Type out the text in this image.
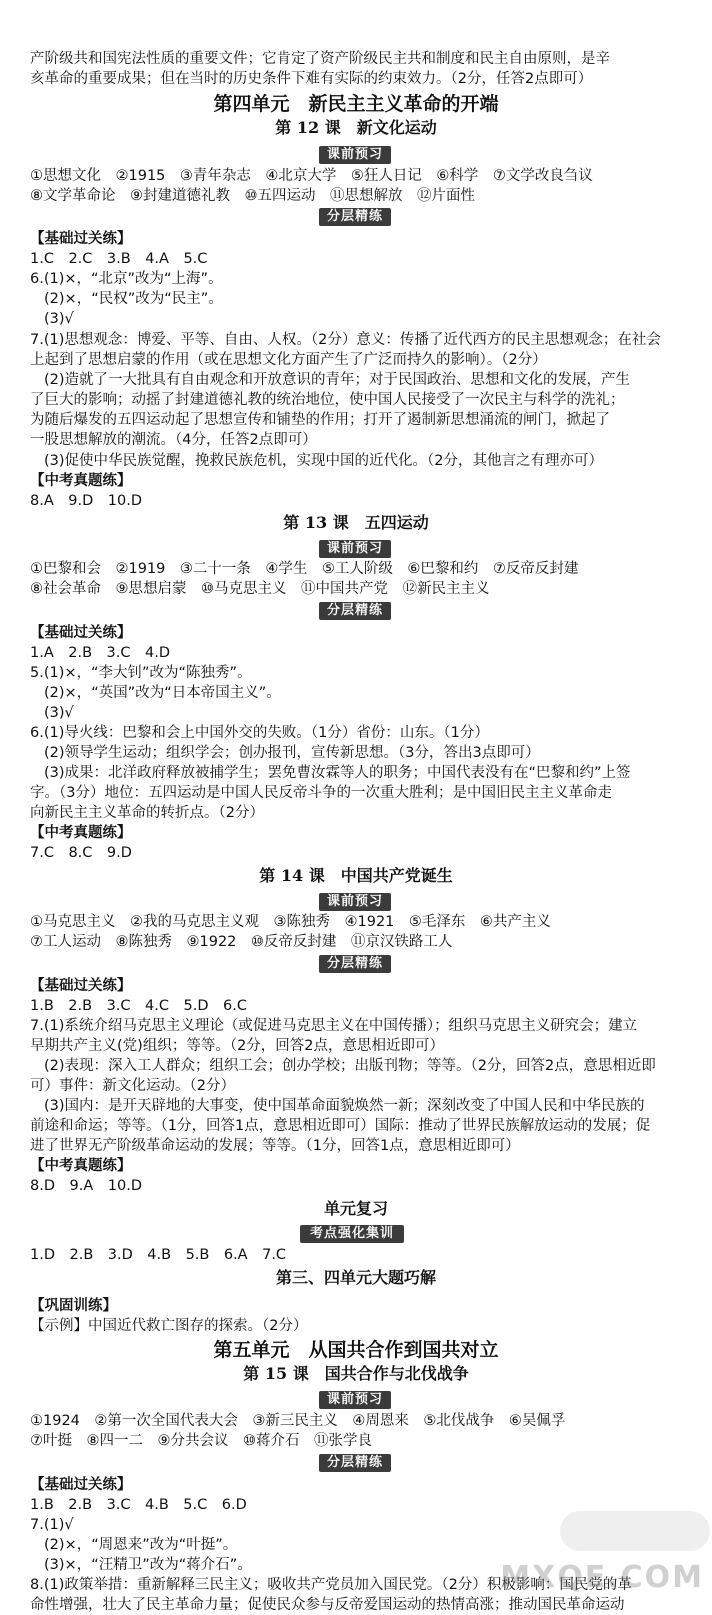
产阶级共和国宪法性质的重要文件；它肯定了资产阶级民主共和制度和民主自由原则，是辛
亥革命的重要成果；但在当时的历史条件下难有实际的约束效力。（2分，任答2点即可）
第四单元　新民主主义革命的开端
第 12 课　新文化运动
课前预习
①思想文化　②1915　③青年杂志　④北京大学　⑤狂人日记　⑥科学　⑦文学改良刍议
⑧文学革命论　⑨封建道德礼教　⑩五四运动　⑪思想解放　⑫片面性
分层精练
【基础过关练】
1.C　2.C　3.B　4.A　5.C
6.(1)×，“北京”改为“上海”。
(2)×，“民权”改为“民主”。
(3)√
7.(1)思想观念：博爱、平等、自由、人权。（2分）意义：传播了近代西方的民主思想观念；在社会
上起到了思想启蒙的作用（或在思想文化方面产生了广泛而持久的影响）。（2分）
(2)造就了一大批具有自由观念和开放意识的青年；对于民国政治、思想和文化的发展，产生
了巨大的影响；动摇了封建道德礼教的统治地位，使中国人民接受了一次民主与科学的洗礼；
为随后爆发的五四运动起了思想宣传和铺垫的作用；打开了遏制新思想涌流的闸门，掀起了
一股思想解放的潮流。（4分，任答2点即可）
(3)促使中华民族觉醒，挽救民族危机，实现中国的近代化。（2分，其他言之有理亦可）
【中考真题练】
8.A　9.D　10.D
第 13 课　五四运动
课前预习
①巴黎和会　②1919　③二十一条　④学生　⑤工人阶级　⑥巴黎和约　⑦反帝反封建
⑧社会革命　⑨思想启蒙　⑩马克思主义　⑪中国共产党　⑫新民主主义
分层精练
【基础过关练】
1.A　2.B　3.C　4.D
5.(1)×，“李大钊”改为“陈独秀”。
(2)×，“英国”改为“日本帝国主义”。
(3)√
6.(1)导火线：巴黎和会上中国外交的失败。（1分）省份：山东。（1分）
(2)领导学生运动；组织学会；创办报刊，宣传新思想。（3分，答出3点即可）
(3)成果：北洋政府释放被捕学生；罢免曹汝霖等人的职务；中国代表没有在“巴黎和约”上签
字。（3分）地位：五四运动是中国人民反帝斗争的一次重大胜利；是中国旧民主主义革命走
向新民主主义革命的转折点。（2分）
【中考真题练】
7.C　8.C　9.D
第 14 课　中国共产党诞生
课前预习
①马克思主义　②我的马克思主义观　③陈独秀　④1921　⑤毛泽东　⑥共产主义
⑦工人运动　⑧陈独秀　⑨1922　⑩反帝反封建　⑪京汉铁路工人
分层精练
【基础过关练】
1.B　2.B　3.C　4.C　5.D　6.C
7.(1)系统介绍马克思主义理论（或促进马克思主义在中国传播）；组织马克思主义研究会；建立
早期共产主义(党)组织；等等。（2分，回答2点，意思相近即可）
(2)表现：深入工人群众；组织工会；创办学校；出版刊物；等等。（2分，回答2点，意思相近即
可）事件：新文化运动。（2分）
(3)国内：是开天辟地的大事变，使中国革命面貌焕然一新；深刻改变了中国人民和中华民族的
前途和命运；等等。（1分，回答1点，意思相近即可）国际：推动了世界民族解放运动的发展；促
进了世界无产阶级革命运动的发展；等等。（1分，回答1点，意思相近即可）
【中考真题练】
8.D　9.A　10.D
单元复习
考点强化集训
1.D　2.B　3.D　4.B　5.B　6.A　7.C
第三、四单元大题巧解
【巩固训练】
【示例】中国近代救亡图存的探索。（2分）
第五单元　从国共合作到国共对立
第 15 课　国共合作与北伐战争
课前预习
①1924　②第一次全国代表大会　③新三民主义　④周恩来　⑤北伐战争　⑥吴佩孚
⑦叶挺　⑧四一二　⑨分共会议　⑩蒋介石　⑪张学良
分层精练
【基础过关练】
1.B　2.B　3.C　4.B　5.C　6.D
7.(1)√
(2)×，“周恩来”改为“叶挺”。
(3)×，“汪精卫”改为“蒋介石”。
8.(1)政策举措：重新解释三民主义；吸收共产党员加入国民党。（2分）积极影响：国民党的革
命性增强，壮大了民主革命力量；促使民众参与反帝爱国运动的热情高涨；推动国民革命运动
MXQE.COM
